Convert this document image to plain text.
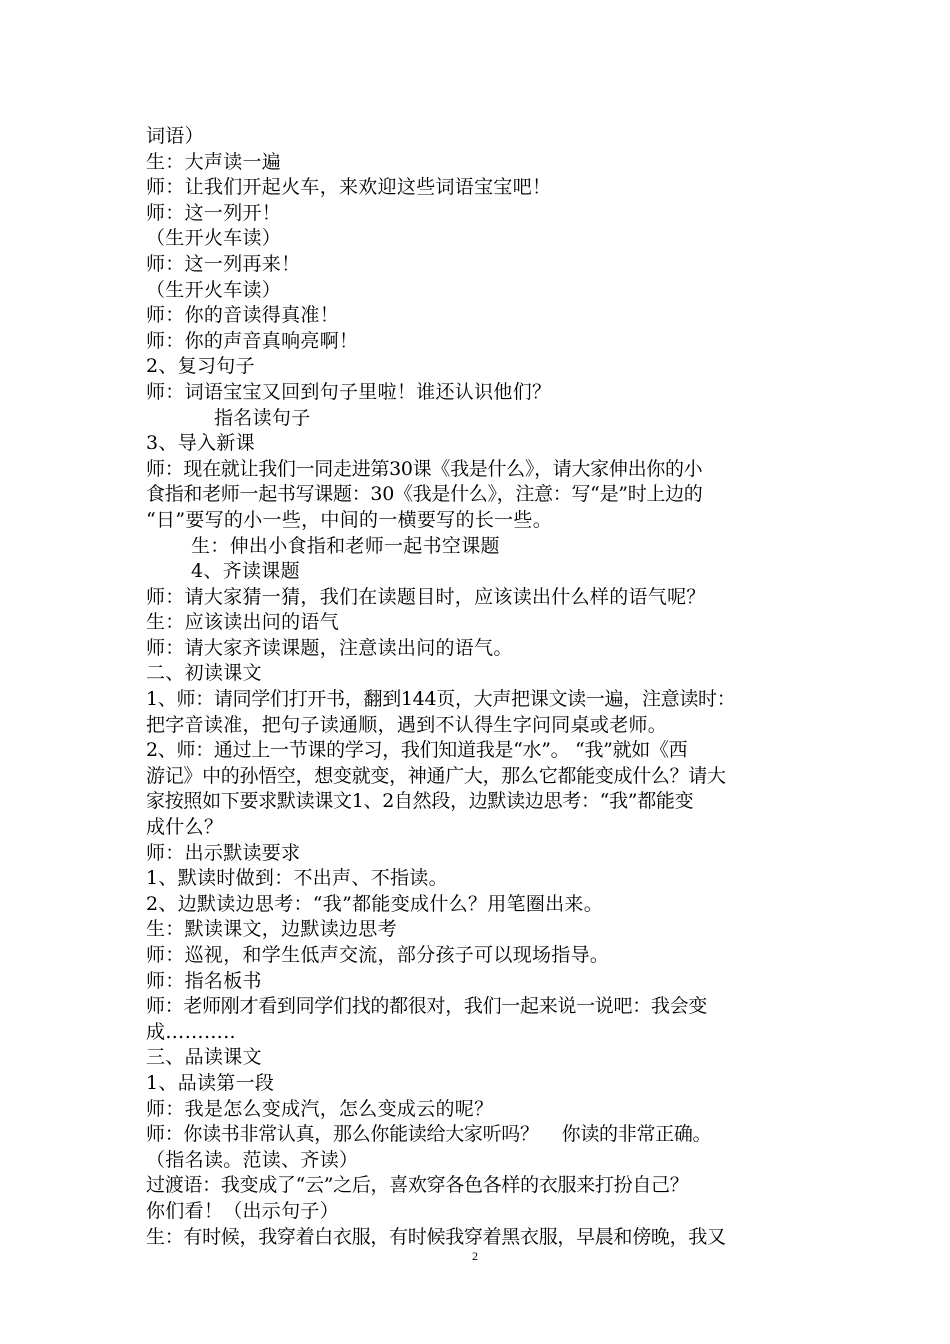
词语）
生：大声读一遍
师：让我们开起火车，来欢迎这些词语宝宝吧！
师：这一列开！
（生开火车读）
师：这一列再来！
（生开火车读）
师：你的音读得真准！
师：你的声音真响亮啊！
2、复习句子
师：词语宝宝又回到句子里啦！谁还认识他们？
指名读句子
3、导入新课
师：现在就让我们一同走进第30课《我是什么》，请大家伸出你的小
食指和老师一起书写课题：30《我是什么》，注意：写“是”时上边的
“日”要写的小一些，中间的一横要写的长一些。
生：伸出小食指和老师一起书空课题
4、齐读课题
师：请大家猜一猜，我们在读题目时，应该读出什么样的语气呢？
生：应该读出问的语气
师：请大家齐读课题，注意读出问的语气。
二、初读课文
1、师：请同学们打开书，翻到144页，大声把课文读一遍，注意读时：
把字音读准，把句子读通顺，遇到不认得生字问同桌或老师。
2、师：通过上一节课的学习，我们知道我是“水”。 “我”就如《西
游记》中的孙悟空，想变就变，神通广大，那么它都能变成什么？请大
家按照如下要求默读课文1、2自然段，边默读边思考：“我”都能变
成什么？
师：出示默读要求
1、默读时做到：不出声、不指读。
2、边默读边思考：“我”都能变成什么？用笔圈出来。
生：默读课文，边默读边思考
师：巡视，和学生低声交流，部分孩子可以现场指导。
师：指名板书
师：老师刚才看到同学们找的都很对，我们一起来说一说吧：我会变
成………..
三、品读课文
1、品读第一段
师：我是怎么变成汽，怎么变成云的呢？
师：你读书非常认真，那么你能读给大家听吗？    你读的非常正确。
（指名读。范读、齐读）
过渡语：我变成了“云”之后，喜欢穿各色各样的衣服来打扮自己？
你们看！（出示句子）
生：有时候，我穿着白衣服，有时候我穿着黑衣服，早晨和傍晚，我又
2
